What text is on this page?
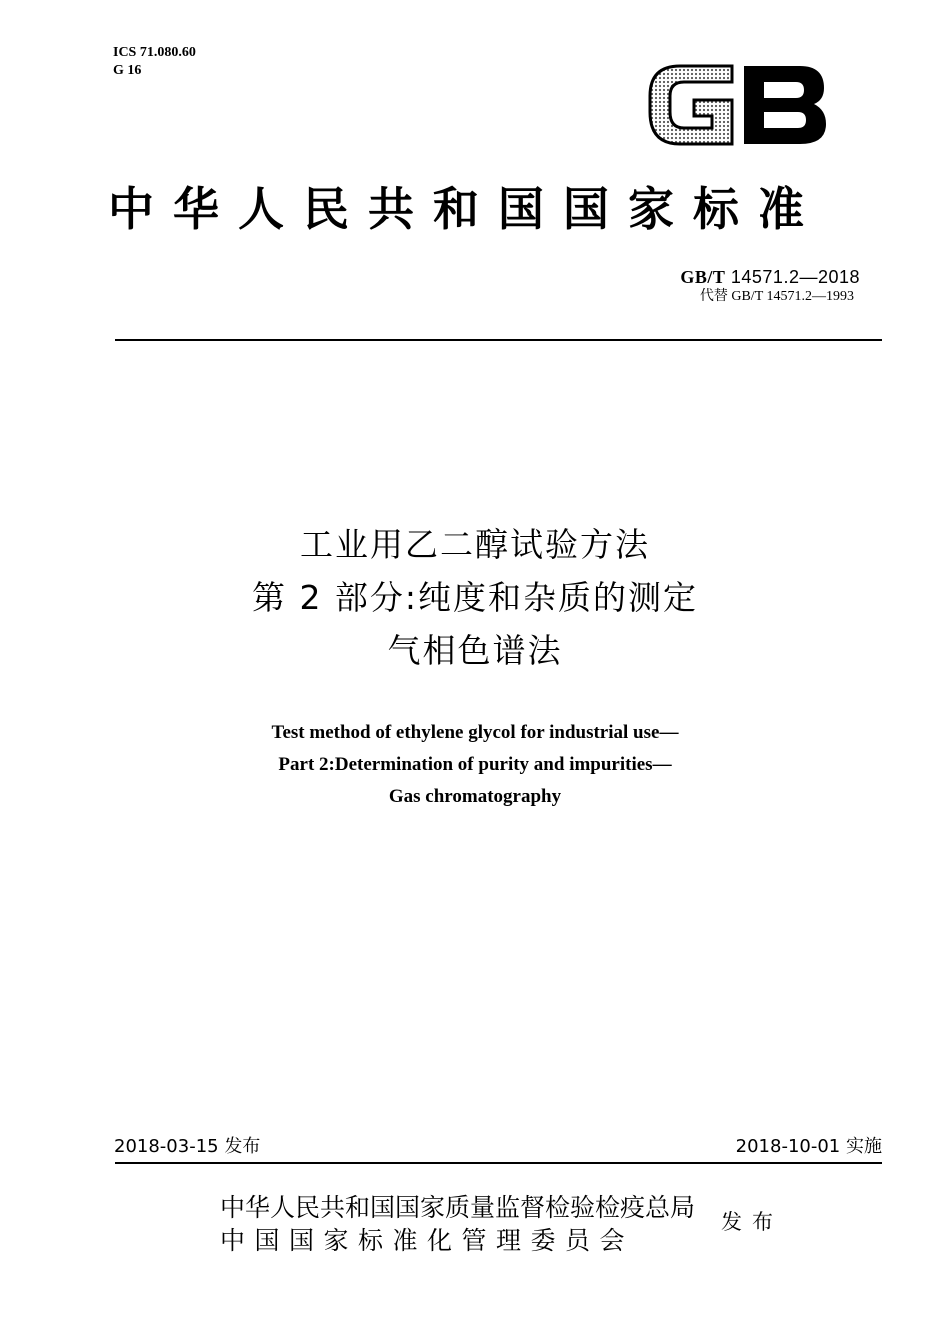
ICS 71.080.60
G 16
GB
中华人民共和国国家标准
GB/T 14571.2—2018
代替 GB/T 14571.2—1993
工业用乙二醇试验方法
第 2 部分:纯度和杂质的测定
气相色谱法
Test method of ethylene glycol for industrial use—
Part 2:Determination of purity and impurities—
Gas chromatography
2018-03-15 发布	2018-10-01 实施
中华人民共和国国家质量监督检验检疫总局
中国国家标准化管理委员会
发布
